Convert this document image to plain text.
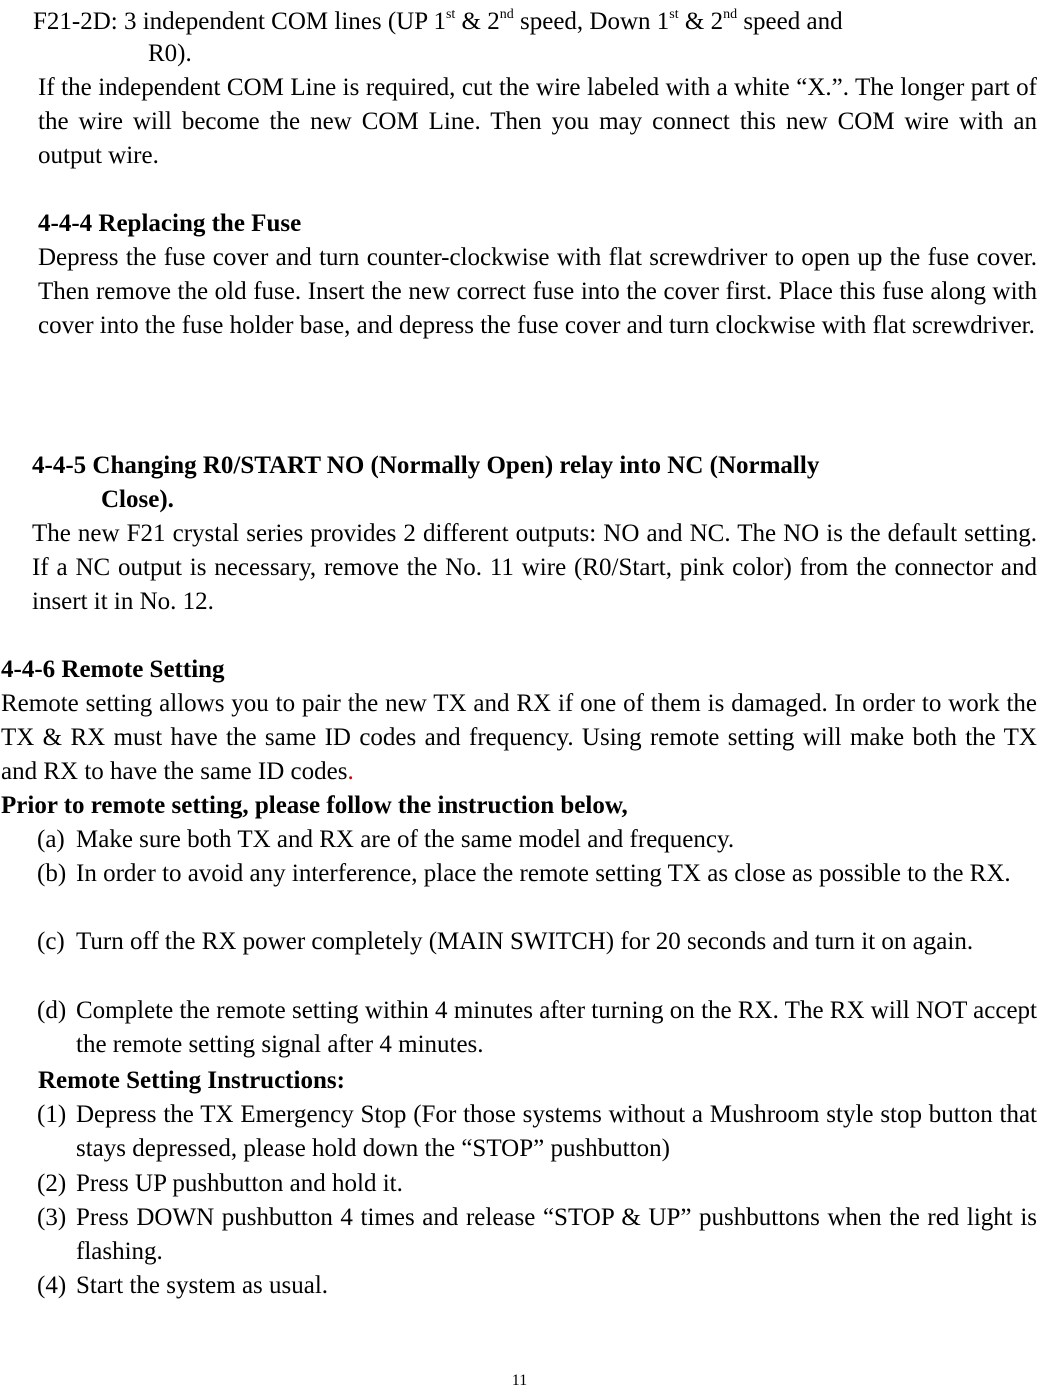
F21-2D: 3 independent COM lines (UP 1st & 2nd speed, Down 1st & 2nd speed and
R0).
If the independent COM Line is required, cut the wire labeled with a white “X.”. The longer part of the wire will become the new COM Line. Then you may connect this new COM wire with an output wire.
4-4-4 Replacing the Fuse
Depress the fuse cover and turn counter-clockwise with flat screwdriver to open up the fuse cover. Then remove the old fuse. Insert the new correct fuse into the cover first. Place this fuse along with cover into the fuse holder base, and depress the fuse cover and turn clockwise with flat screwdriver.
4-4-5 Changing R0/START NO (Normally Open) relay into NC (Normally
Close).
The new F21 crystal series provides 2 different outputs: NO and NC. The NO is the default setting. If a NC output is necessary, remove the No. 11 wire (R0/Start, pink color) from the connector and insert it in No. 12.
4-4-6 Remote Setting
Remote setting allows you to pair the new TX and RX if one of them is damaged. In order to work the TX & RX must have the same ID codes and frequency. Using remote setting will make both the TX and RX to have the same ID codes.
Prior to remote setting, please follow the instruction below,
(a) Make sure both TX and RX are of the same model and frequency.
(b) In order to avoid any interference, place the remote setting TX as close as possible to the RX.
(c) Turn off the RX power completely (MAIN SWITCH) for 20 seconds and turn it on again.
(d) Complete the remote setting within 4 minutes after turning on the RX. The RX will NOT accept the remote setting signal after 4 minutes.
Remote Setting Instructions:
(1) Depress the TX Emergency Stop (For those systems without a Mushroom style stop button that stays depressed, please hold down the “STOP” pushbutton)
(2) Press UP pushbutton and hold it.
(3) Press DOWN pushbutton 4 times and release “STOP & UP” pushbuttons when the red light is flashing.
(4) Start the system as usual.
11
